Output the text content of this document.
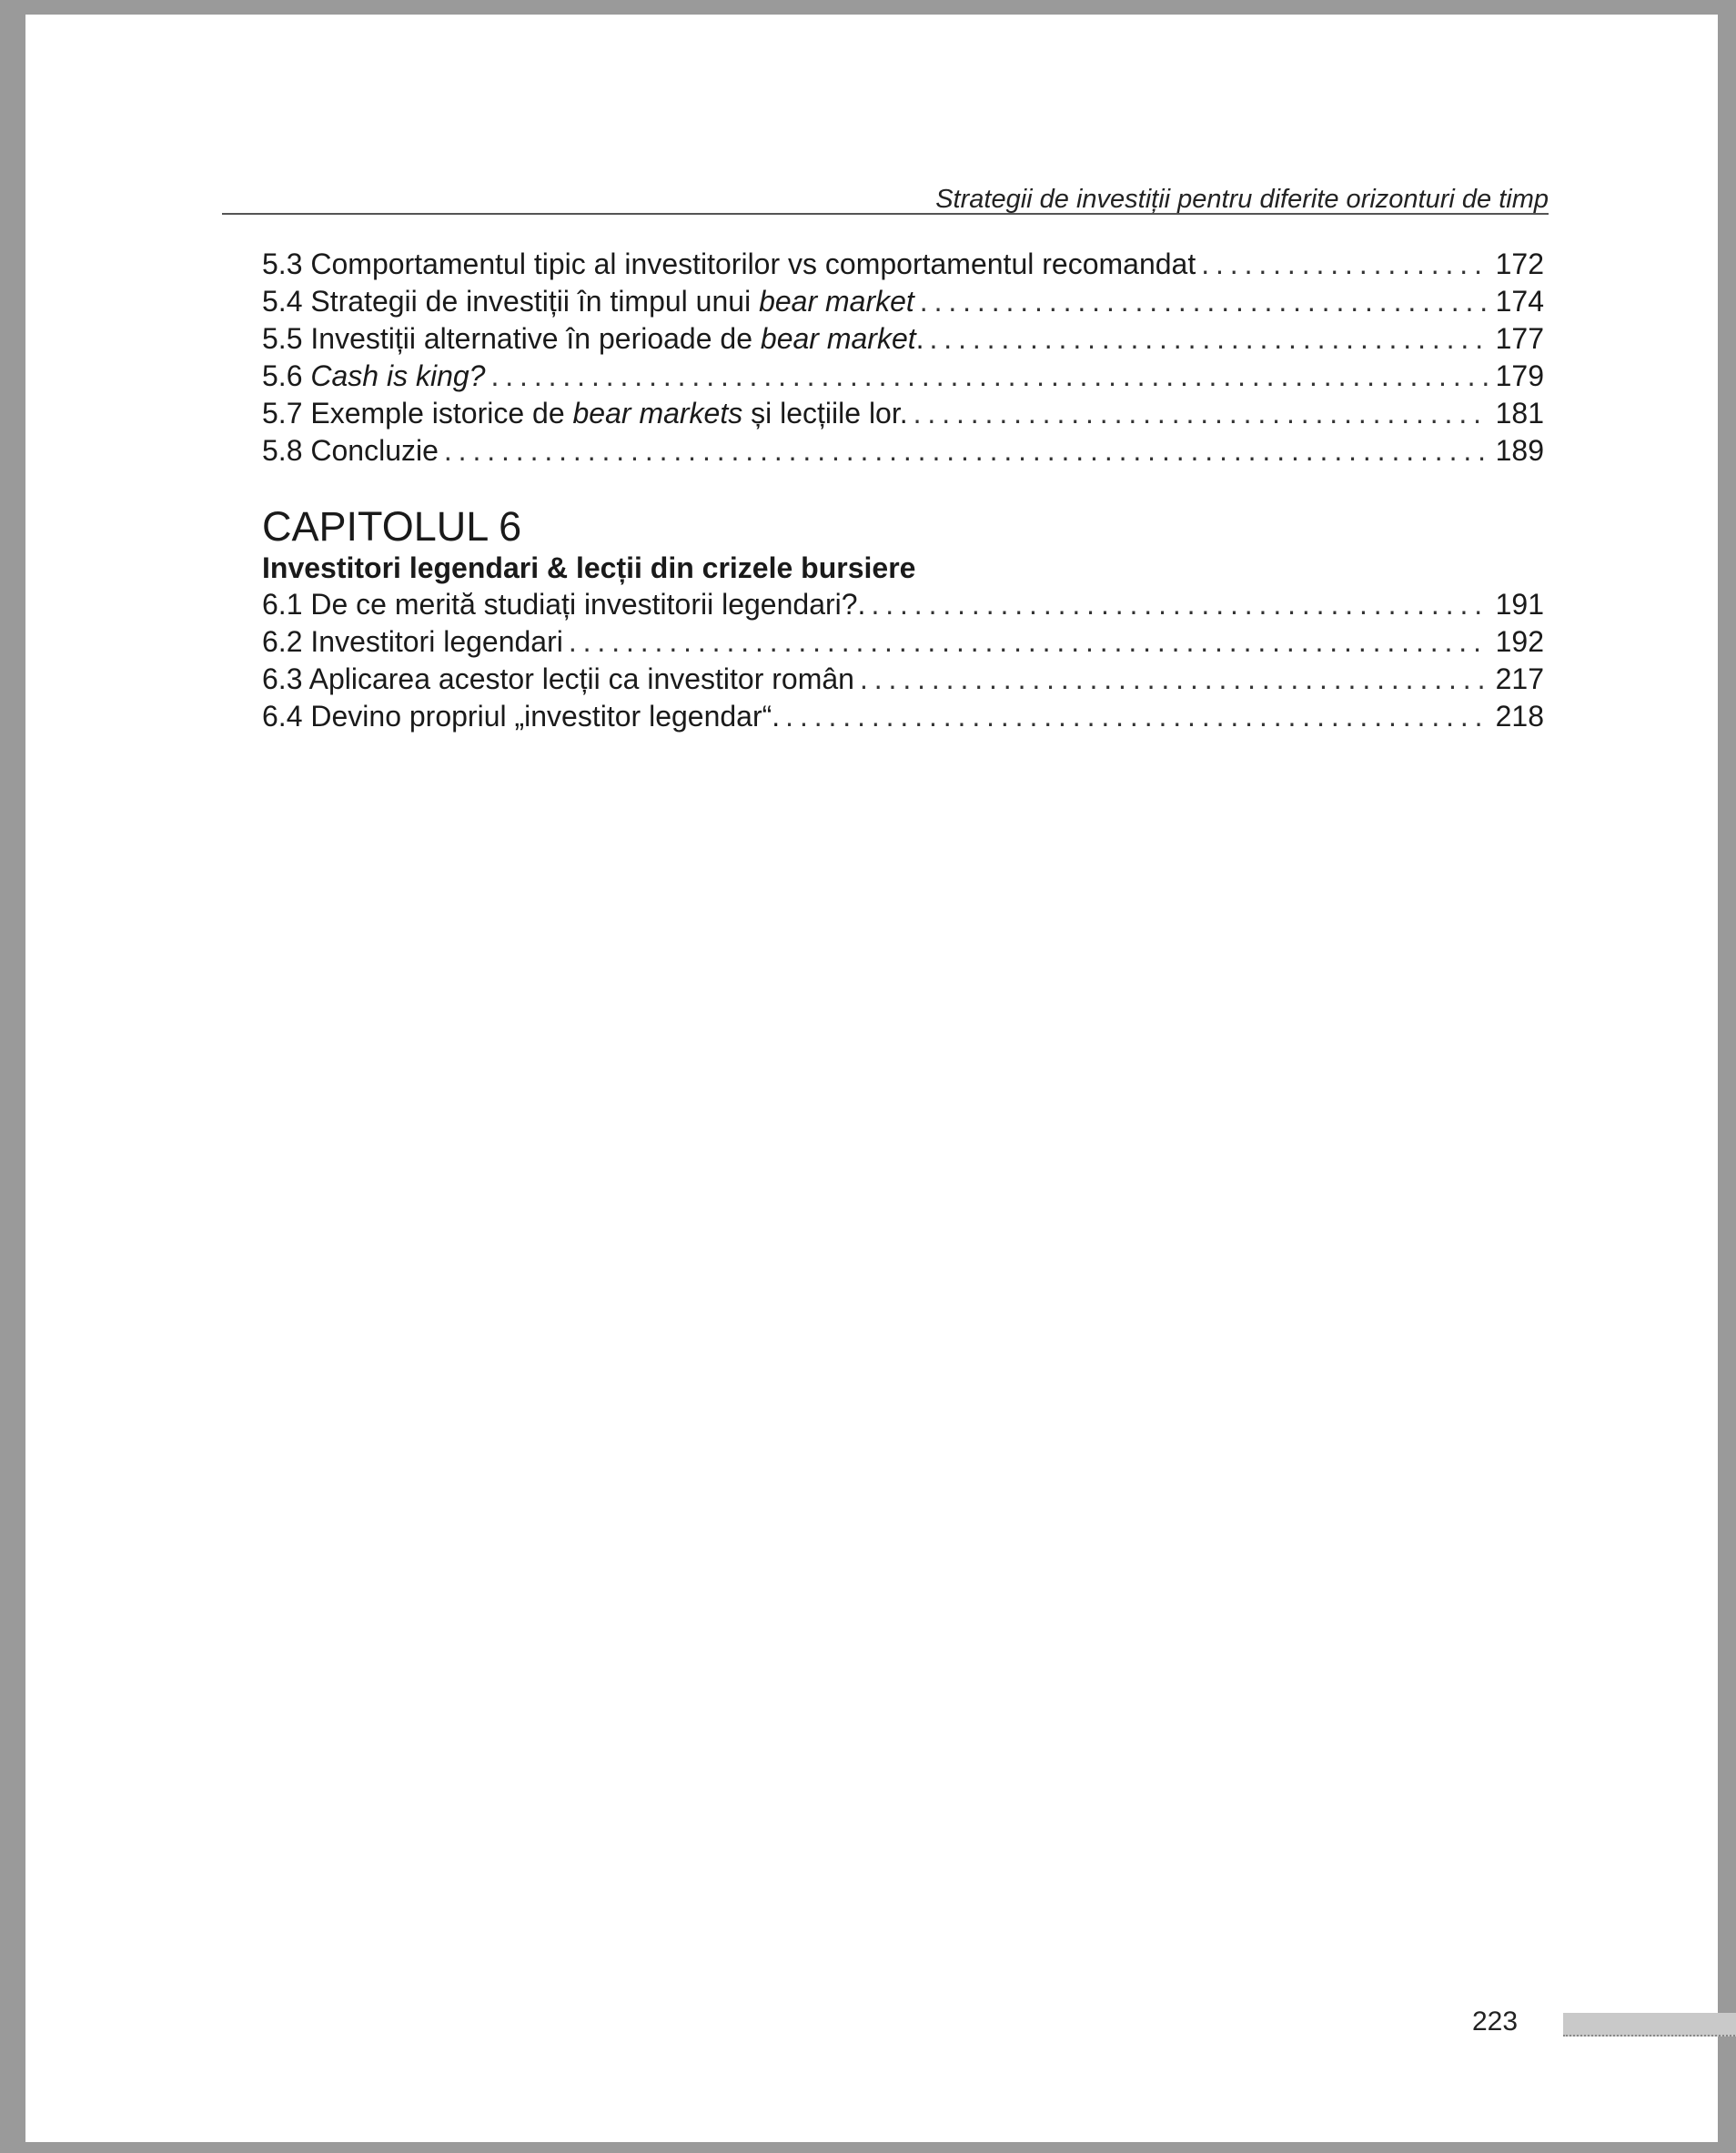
Strategii de investiții pentru diferite orizonturi de timp
5.3 Comportamentul tipic al investitorilor vs comportamentul recomandat . . .	172
5.4 Strategii de investiții în timpul unui bear market . . .	174
5.5 Investiții alternative în perioade de bear market. . . .	177
5.6 Cash is king? . . .	179
5.7 Exemple istorice de bear markets și lecțiile lor. . . .	181
5.8 Concluzie . . .	189
CAPITOLUL 6
Investitori legendari & lecții din crizele bursiere
6.1 De ce merită studiați investitorii legendari?. . . .	191
6.2 Investitori legendari . . .	192
6.3 Aplicarea acestor lecții ca investitor român . . .	217
6.4 Devino propriul „investitor legendar“. . . .	218
223
